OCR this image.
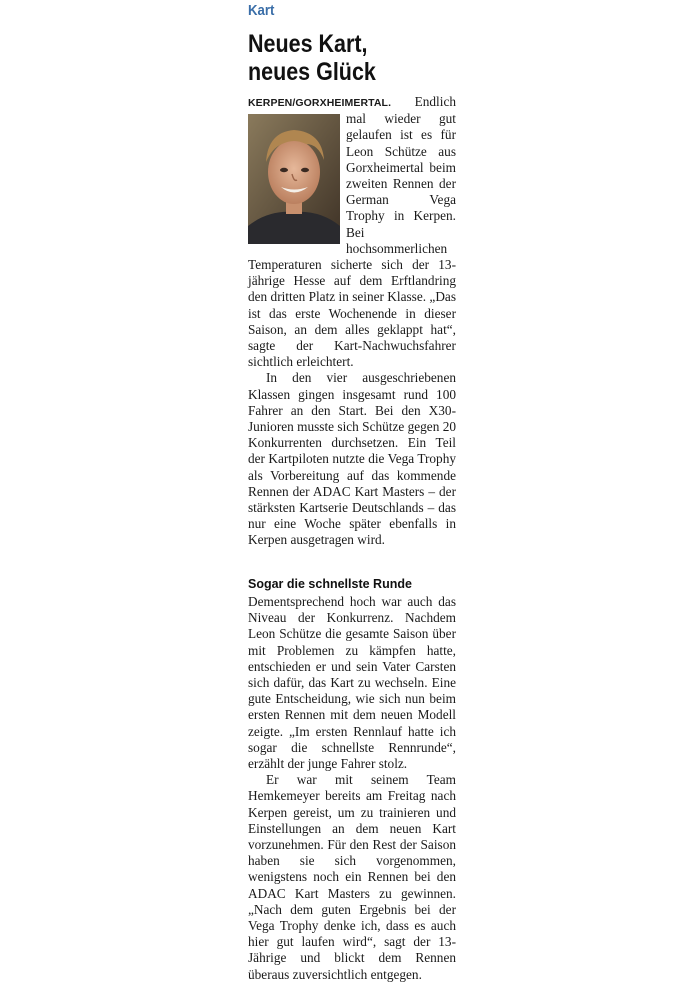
Kart
Neues Kart,
neues Glück

KERPEN/GORXHEIMERTAL.
Endlich mal wieder gut gelaufen ist es für Leon Schütze aus Gorxheimertal beim zweiten Rennen der German Vega Trophy in Kerpen. Bei hochsommerlichen Temperaturen sicherte sich der 13-jährige Hesse auf dem Erftlandring den dritten Platz in seiner Klasse. „Das ist das erste Wochenende in dieser Saison, an dem alles geklappt hat“, sagte der Kart-Nachwuchsfahrer sichtlich erleichtert.

In den vier ausgeschriebenen Klassen gingen insgesamt rund 100 Fahrer an den Start. Bei den X30-Junioren musste sich Schütze gegen 20 Konkurrenten durchsetzen. Ein Teil der Kartpiloten nutzte die Vega Trophy als Vorbereitung auf das kommende Rennen der ADAC Kart Masters – der stärksten Kartserie Deutschlands – das nur eine Woche später ebenfalls in Kerpen ausgetragen wird.

Sogar die schnellste Runde

Dementsprechend hoch war auch das Niveau der Konkurrenz. Nachdem Leon Schütze die gesamte Saison über mit Problemen zu kämpfen hatte, entschieden er und sein Vater Carsten sich dafür, das Kart zu wechseln. Eine gute Entscheidung, wie sich nun beim ersten Rennen mit dem neuen Modell zeigte. „Im ersten Rennlauf hatte ich sogar die schnellste Rennrunde“, erzählt der junge Fahrer stolz.

Er war mit seinem Team Hemkemeyer bereits am Freitag nach Kerpen gereist, um zu trainieren und Einstellungen an dem neuen Kart vorzunehmen. Für den Rest der Saison haben sie sich vorgenommen, wenigstens noch ein Rennen bei den ADAC Kart Masters zu gewinnen. „Nach dem guten Ergebnis bei der Vega Trophy denke ich, dass es auch hier gut laufen wird“, sagt der 13-Jährige und blickt dem Rennen überaus zuversichtlich entgegen.
